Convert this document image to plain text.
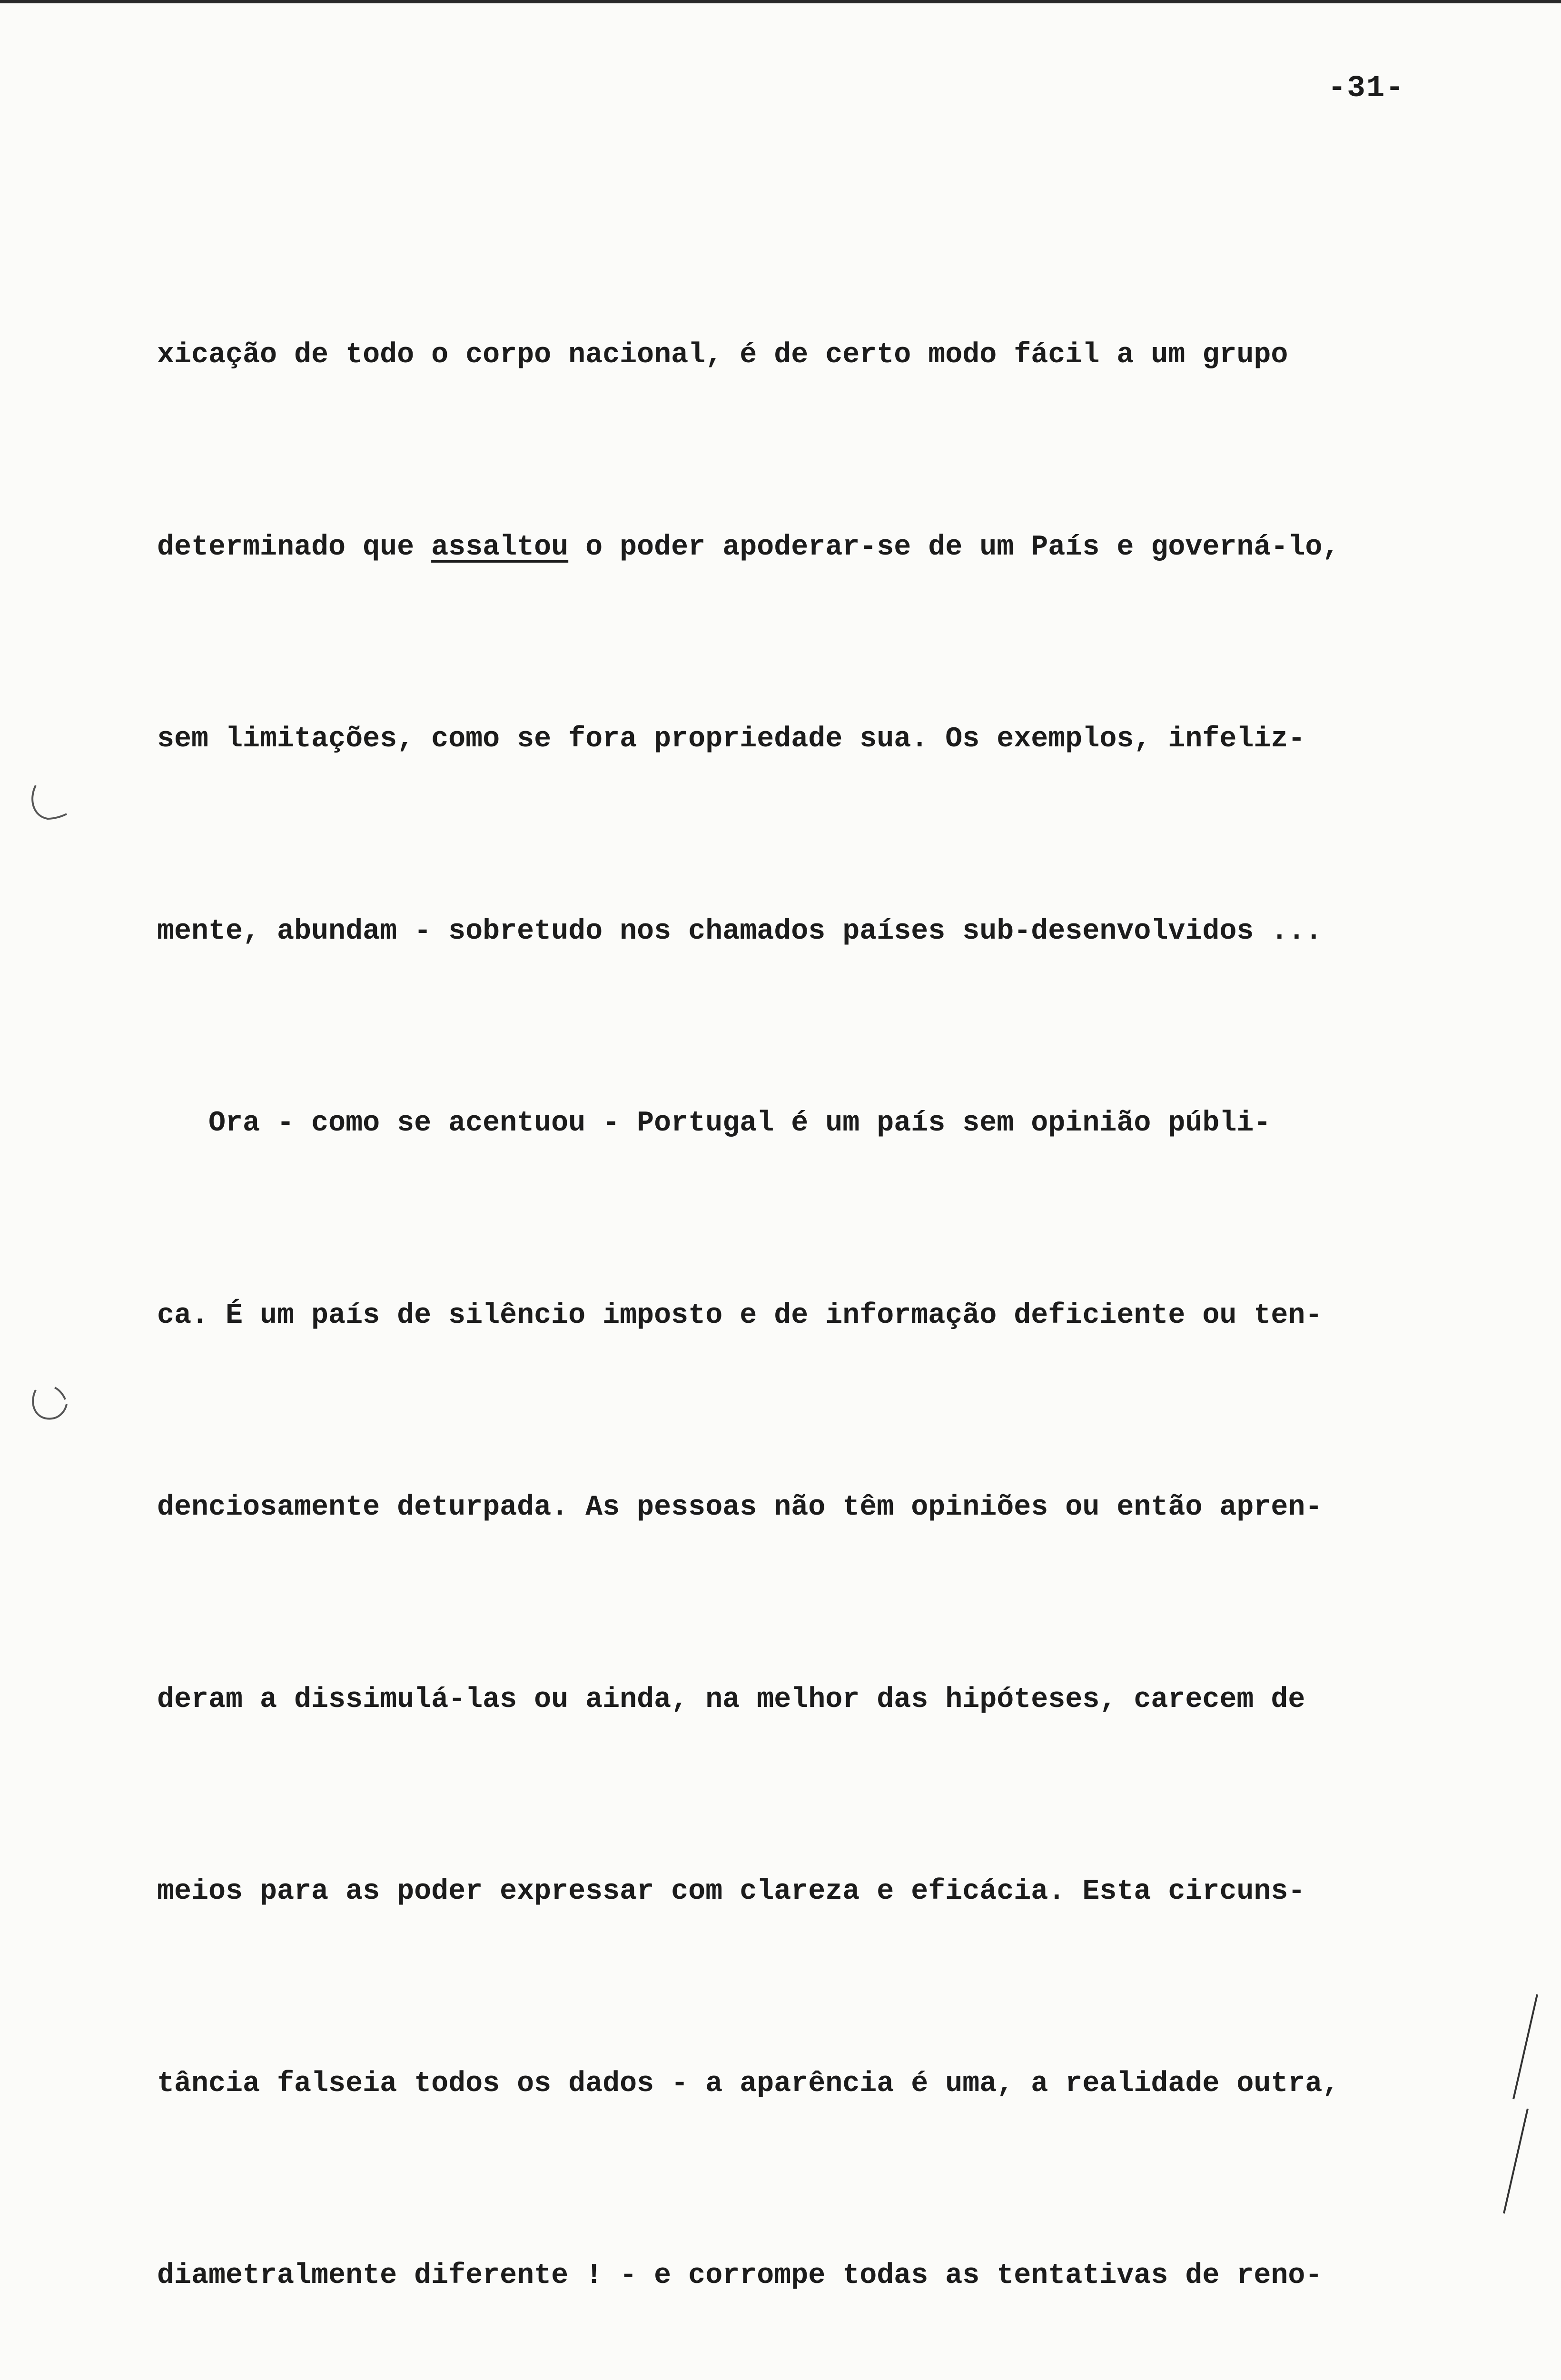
-31-

xicação de todo o corpo nacional, é de certo modo fácil a um grupo

determinado que assaltou o poder apoderar-se de um País e governá-lo,

sem limitações, como se fora propriedade sua. Os exemplos, infeliz-

mente, abundam - sobretudo nos chamados países sub-desenvolvidos ...

Ora - como se acentuou - Portugal é um país sem opinião públi-

ca. É um país de silêncio imposto e de informação deficiente ou ten-

denciosamente deturpada. As pessoas não têm opiniões ou então apren-

deram a dissimulá-las ou ainda, na melhor das hipóteses, carecem de

meios para as poder expressar com clareza e eficácia. Esta circuns-

tância falseia todos os dados - a aparência é uma, a realidade outra,

diametralmente diferente ! - e corrompe todas as tentativas de reno-
